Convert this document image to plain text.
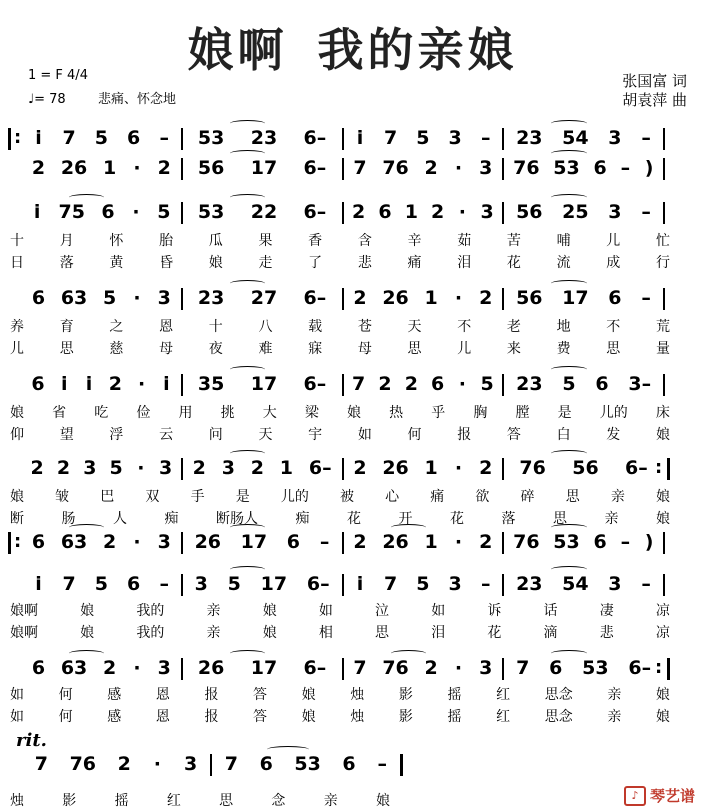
娘啊 我的亲娘
1 = F 4/4
♩= 78 悲痛、怀念地
张国富 词
胡袁萍 曲
rit.
♪ 琴艺谱
:
i 7 5 6 – 53 23 6– i 7 5 3 – 23 54 3 –
2 26 1 · 2 56 17 6– 7 76 2 · 3 76 53 6 – )
i 75 6 · 5 53 22 6– 2 6 1 2 · 3 56 25 3 –
十	月	怀	胎	瓜	果	香	含	辛	茹	苦	哺	儿	忙
日	落	黄	昏	娘	走	了	悲	痛	泪	花	流	成	行
6 63 5 · 3 23 27 6– 2 26 1 · 2 56 17 6 –
养	育	之	恩	十	八	载	苍	天	不	老	地	不	荒
儿	思	慈	母	夜	难	寐	母	思	儿	来	费	思	量
6 i i 2 · i 35 17 6– 7 2 2 6 · 5 23 5 6 3–
娘 省 吃 俭 用 挑 大 梁 娘 热 乎 胸 膛 是 儿的 床
仰	望	浮	云	问	天	宇	如	何	报	答	白	发	娘
2 2 3 5 · 3 2 3 2 1 6– 2 26 1 · 2 76 56 6–
:
娘 皱 巴 双 手 是 儿的 被 心 痛 欲 碎 思 亲 娘
断	肠	人	痴	断肠人	痴	花	开	花	落	思	亲	娘
:
6 63 2 · 3 26 17 6 – 2 26 1 · 2 76 53 6 – )
i 7 5 6 – 3 5 17 6– i 7 5 3 – 23 54 3 –
娘啊	娘	我的	亲	娘	如	泣	如	诉	话	凄	凉
娘啊	娘	我的	亲	娘	相	思	泪	花	滴	悲	凉
6 63 2 · 3 26 17 6– 7 76 2 · 3 7 6 53 6–
:
如 何 感 恩 报 答 娘 烛 影 摇 红 思念 亲 娘
如 何 感 恩 报 答 娘 烛 影 摇 红 思念 亲 娘
7 76 2 · 3 7 6 53 6 –
烛	影	摇	红	思	念	亲	娘
